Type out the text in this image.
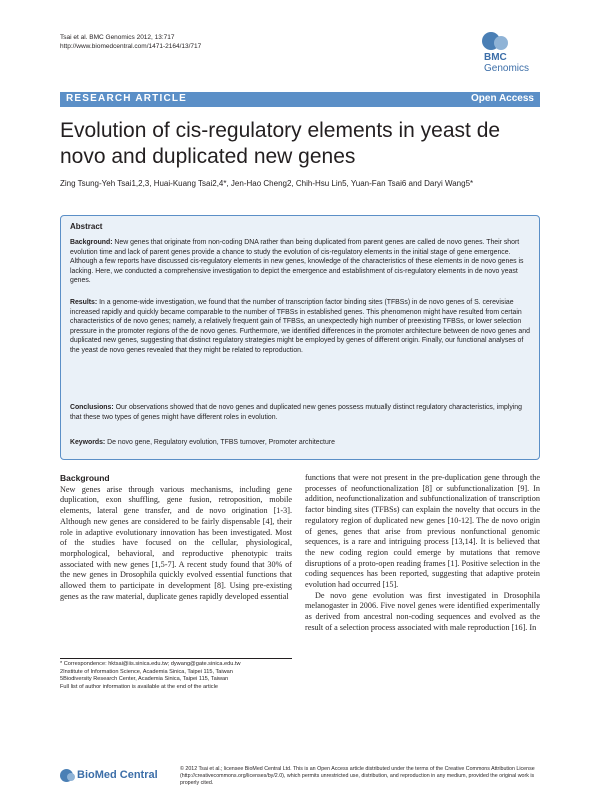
Tsai et al. BMC Genomics 2012, 13:717
http://www.biomedcentral.com/1471-2164/13/717
BMC
Genomics
RESEARCH ARTICLE	Open Access
Evolution of cis-regulatory elements in yeast de novo and duplicated new genes
Zing Tsung-Yeh Tsai1,2,3, Huai-Kuang Tsai2,4*, Jen-Hao Cheng2, Chih-Hsu Lin5, Yuan-Fan Tsai6 and Daryi Wang5*
Abstract
Background: New genes that originate from non-coding DNA rather than being duplicated from parent genes are called de novo genes. Their short evolution time and lack of parent genes provide a chance to study the evolution of cis-regulatory elements in the initial stage of gene emergence. Although a few reports have discussed cis-regulatory elements in new genes, knowledge of the characteristics of these elements in de novo genes is lacking. Here, we conducted a comprehensive investigation to depict the emergence and establishment of cis-regulatory elements in de novo yeast genes.
Results: In a genome-wide investigation, we found that the number of transcription factor binding sites (TFBSs) in de novo genes of S. cerevisiae increased rapidly and quickly became comparable to the number of TFBSs in established genes. This phenomenon might have resulted from certain characteristics of de novo genes; namely, a relatively frequent gain of TFBSs, an unexpectedly high number of preexisting TFBSs, or lower selection pressure in the promoter regions of the de novo genes. Furthermore, we identified differences in the promoter architecture between de novo genes and duplicated new genes, suggesting that distinct regulatory strategies might be employed by genes of different origin. Finally, our functional analyses of the yeast de novo genes revealed that they might be related to reproduction.
Conclusions: Our observations showed that de novo genes and duplicated new genes possess mutually distinct regulatory characteristics, implying that these two types of genes might have different roles in evolution.
Keywords: De novo gene, Regulatory evolution, TFBS turnover, Promoter architecture
Background

New genes arise through various mechanisms, including gene duplication, exon shuffling, gene fusion, retroposition, mobile elements, lateral gene transfer, and de novo origination [1-3]. Although new genes are considered to be fairly dispensable [4], their role in adaptive evolutionary innovation has been investigated. Most of the studies have focused on the cellular, physiological, morphological, behavioral, and reproductive phenotypic traits associated with new genes [1,5-7]. A recent study found that 30% of the new genes in Drosophila quickly evolved essential functions that allowed them to participate in development [8]. Using pre-existing genes as the raw material, duplicate genes rapidly developed essential

functions that were not present in the pre-duplication gene through the processes of neofunctionalization [8] or subfunctionalization [9]. In addition, neofunctionalization and subfunctionalization of transcription factor binding sites (TFBSs) can explain the novelty that occurs in the regulatory region of duplicated new genes [10-12]. The de novo origin of genes, genes that arise from previous nonfunctional genomic sequences, is a rare and intriguing process [13,14]. It is believed that the new coding region could emerge by mutations that remove disruptions of a proto-open reading frames [1]. Positive selection in the coding sequences has been reported, suggesting that adaptive protein evolution had occurred [15].

De novo gene evolution was first investigated in Drosophila melanogaster in 2006. Five novel genes were identified experimentally as derived from ancestral non-coding sequences and evolved as the result of a selection process associated with male reproduction [16]. In

* Correspondence: hktsai@iis.sinica.edu.tw; dywang@gate.sinica.edu.tw
2Institute of Information Science, Academia Sinica, Taipei 115, Taiwan
5Biodiversity Research Center, Academia Sinica, Taipei 115, Taiwan
Full list of author information is available at the end of the article
BioMed Central	© 2012 Tsai et al.; licensee BioMed Central Ltd. This is an Open Access article distributed under the terms of the Creative Commons Attribution License (http://creativecommons.org/licenses/by/2.0), which permits unrestricted use, distribution, and reproduction in any medium, provided the original work is properly cited.
